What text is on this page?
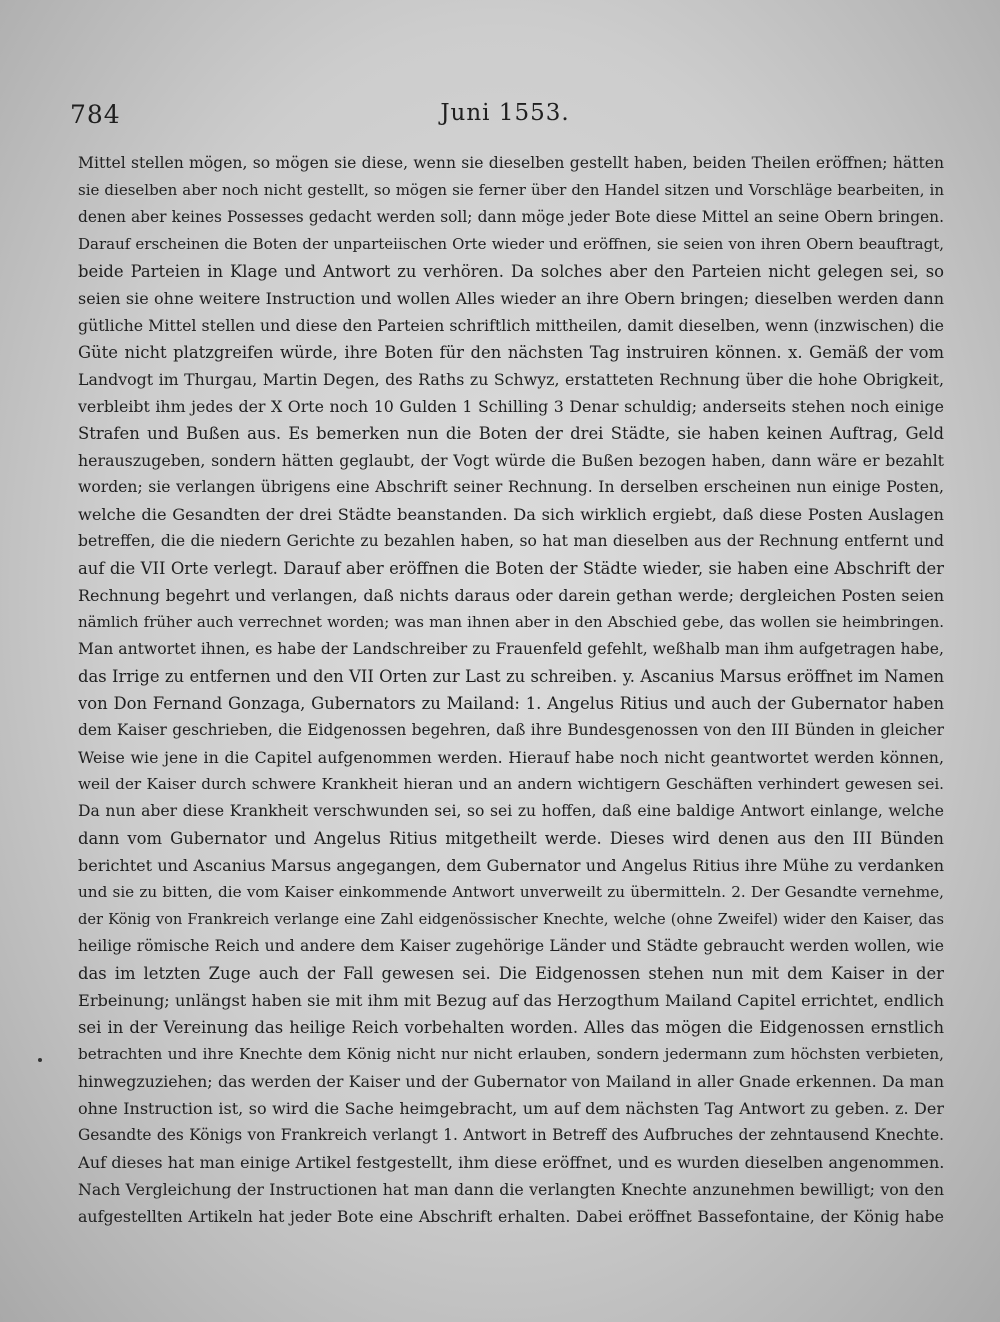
784	Juni 1553.
Mittel stellen mögen, so mögen sie diese, wenn sie dieselben gestellt haben, beiden Theilen eröffnen; hätten
sie dieselben aber noch nicht gestellt, so mögen sie ferner über den Handel sitzen und Vorschläge bearbeiten, in
denen aber keines Possesses gedacht werden soll; dann möge jeder Bote diese Mittel an seine Obern bringen.
Darauf erscheinen die Boten der unparteiischen Orte wieder und eröffnen, sie seien von ihren Obern beauftragt,
beide Parteien in Klage und Antwort zu verhören. Da solches aber den Parteien nicht gelegen sei, so
seien sie ohne weitere Instruction und wollen Alles wieder an ihre Obern bringen; dieselben werden dann
gütliche Mittel stellen und diese den Parteien schriftlich mittheilen, damit dieselben, wenn (inzwischen) die
Güte nicht platzgreifen würde, ihre Boten für den nächsten Tag instruiren können. x. Gemäß der vom
Landvogt im Thurgau, Martin Degen, des Raths zu Schwyz, erstatteten Rechnung über die hohe Obrigkeit,
verbleibt ihm jedes der X Orte noch 10 Gulden 1 Schilling 3 Denar schuldig; anderseits stehen noch einige
Strafen und Bußen aus. Es bemerken nun die Boten der drei Städte, sie haben keinen Auftrag, Geld
herauszugeben, sondern hätten geglaubt, der Vogt würde die Bußen bezogen haben, dann wäre er bezahlt
worden; sie verlangen übrigens eine Abschrift seiner Rechnung. In derselben erscheinen nun einige Posten,
welche die Gesandten der drei Städte beanstanden. Da sich wirklich ergiebt, daß diese Posten Auslagen
betreffen, die die niedern Gerichte zu bezahlen haben, so hat man dieselben aus der Rechnung entfernt und
auf die VII Orte verlegt. Darauf aber eröffnen die Boten der Städte wieder, sie haben eine Abschrift der
Rechnung begehrt und verlangen, daß nichts daraus oder darein gethan werde; dergleichen Posten seien
nämlich früher auch verrechnet worden; was man ihnen aber in den Abschied gebe, das wollen sie heimbringen.
Man antwortet ihnen, es habe der Landschreiber zu Frauenfeld gefehlt, weßhalb man ihm aufgetragen habe,
das Irrige zu entfernen und den VII Orten zur Last zu schreiben. y. Ascanius Marsus eröffnet im Namen
von Don Fernand Gonzaga, Gubernators zu Mailand: 1. Angelus Ritius und auch der Gubernator haben
dem Kaiser geschrieben, die Eidgenossen begehren, daß ihre Bundesgenossen von den III Bünden in gleicher
Weise wie jene in die Capitel aufgenommen werden. Hierauf habe noch nicht geantwortet werden können,
weil der Kaiser durch schwere Krankheit hieran und an andern wichtigern Geschäften verhindert gewesen sei.
Da nun aber diese Krankheit verschwunden sei, so sei zu hoffen, daß eine baldige Antwort einlange, welche
dann vom Gubernator und Angelus Ritius mitgetheilt werde. Dieses wird denen aus den III Bünden
berichtet und Ascanius Marsus angegangen, dem Gubernator und Angelus Ritius ihre Mühe zu verdanken
und sie zu bitten, die vom Kaiser einkommende Antwort unverweilt zu übermitteln. 2. Der Gesandte vernehme,
der König von Frankreich verlange eine Zahl eidgenössischer Knechte, welche (ohne Zweifel) wider den Kaiser, das
heilige römische Reich und andere dem Kaiser zugehörige Länder und Städte gebraucht werden wollen, wie
das im letzten Zuge auch der Fall gewesen sei. Die Eidgenossen stehen nun mit dem Kaiser in der
Erbeinung; unlängst haben sie mit ihm mit Bezug auf das Herzogthum Mailand Capitel errichtet, endlich
sei in der Vereinung das heilige Reich vorbehalten worden. Alles das mögen die Eidgenossen ernstlich
betrachten und ihre Knechte dem König nicht nur nicht erlauben, sondern jedermann zum höchsten verbieten,
hinwegzuziehen; das werden der Kaiser und der Gubernator von Mailand in aller Gnade erkennen. Da man
ohne Instruction ist, so wird die Sache heimgebracht, um auf dem nächsten Tag Antwort zu geben. z. Der
Gesandte des Königs von Frankreich verlangt 1. Antwort in Betreff des Aufbruches der zehntausend Knechte.
Auf dieses hat man einige Artikel festgestellt, ihm diese eröffnet, und es wurden dieselben angenommen.
Nach Vergleichung der Instructionen hat man dann die verlangten Knechte anzunehmen bewilligt; von den
aufgestellten Artikeln hat jeder Bote eine Abschrift erhalten. Dabei eröffnet Bassefontaine, der König habe
